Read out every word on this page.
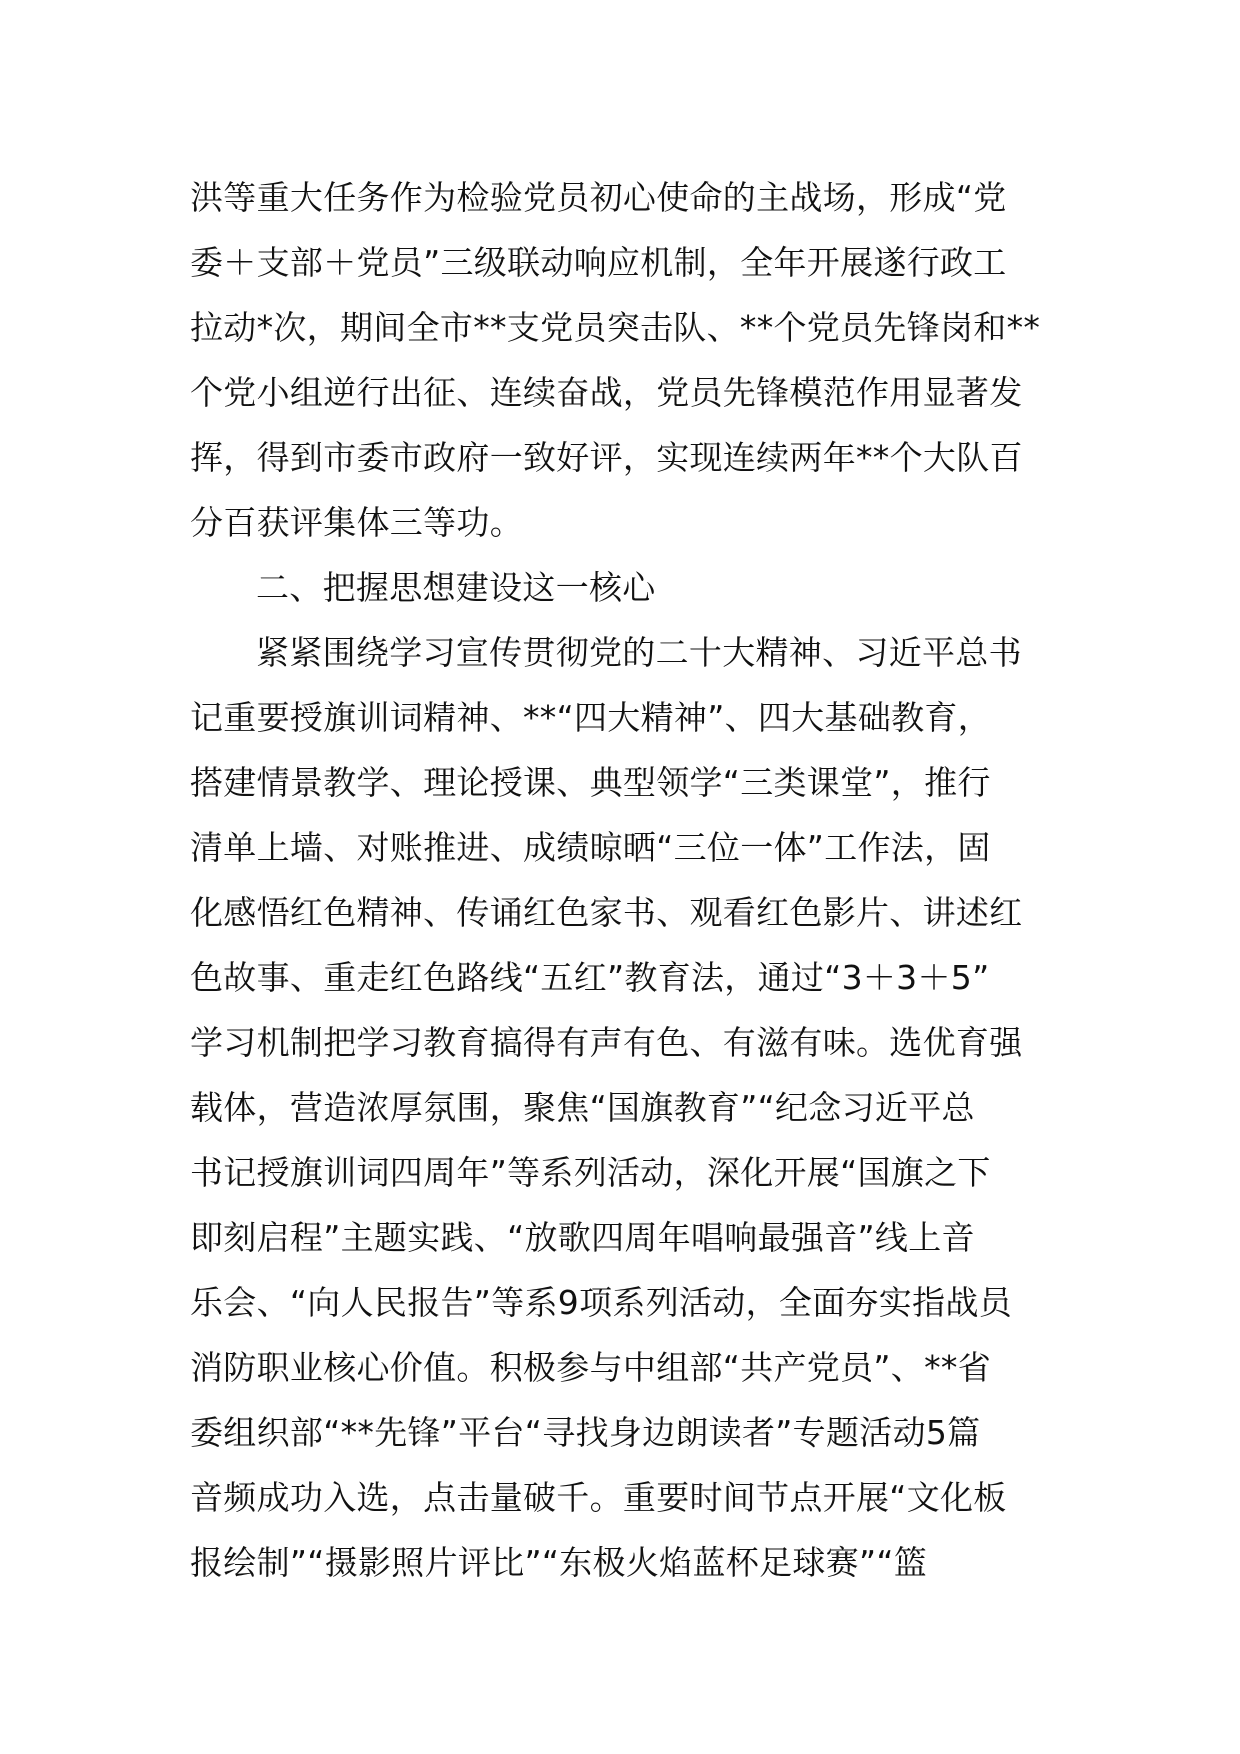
洪等重大任务作为检验党员初心使命的主战场，形成“党
委＋支部＋党员”三级联动响应机制，全年开展遂行政工
拉动*次，期间全市**支党员突击队、**个党员先锋岗和**
个党小组逆行出征、连续奋战，党员先锋模范作用显著发
挥，得到市委市政府一致好评，实现连续两年**个大队百
分百获评集体三等功。
二、把握思想建设这一核心
紧紧围绕学习宣传贯彻党的二十大精神、习近平总书
记重要授旗训词精神、**“四大精神”、四大基础教育，
搭建情景教学、理论授课、典型领学“三类课堂”，推行
清单上墙、对账推进、成绩晾晒“三位一体”工作法，固
化感悟红色精神、传诵红色家书、观看红色影片、讲述红
色故事、重走红色路线“五红”教育法，通过“3＋3＋5”
学习机制把学习教育搞得有声有色、有滋有味。选优育强
载体，营造浓厚氛围，聚焦“国旗教育”“纪念习近平总
书记授旗训词四周年”等系列活动，深化开展“国旗之下
即刻启程”主题实践、“放歌四周年唱响最强音”线上音
乐会、“向人民报告”等系9项系列活动，全面夯实指战员
消防职业核心价值。积极参与中组部“共产党员”、**省
委组织部“**先锋”平台“寻找身边朗读者”专题活动5篇
音频成功入选，点击量破千。重要时间节点开展“文化板
报绘制”“摄影照片评比”“东极火焰蓝杯足球赛”“篮
